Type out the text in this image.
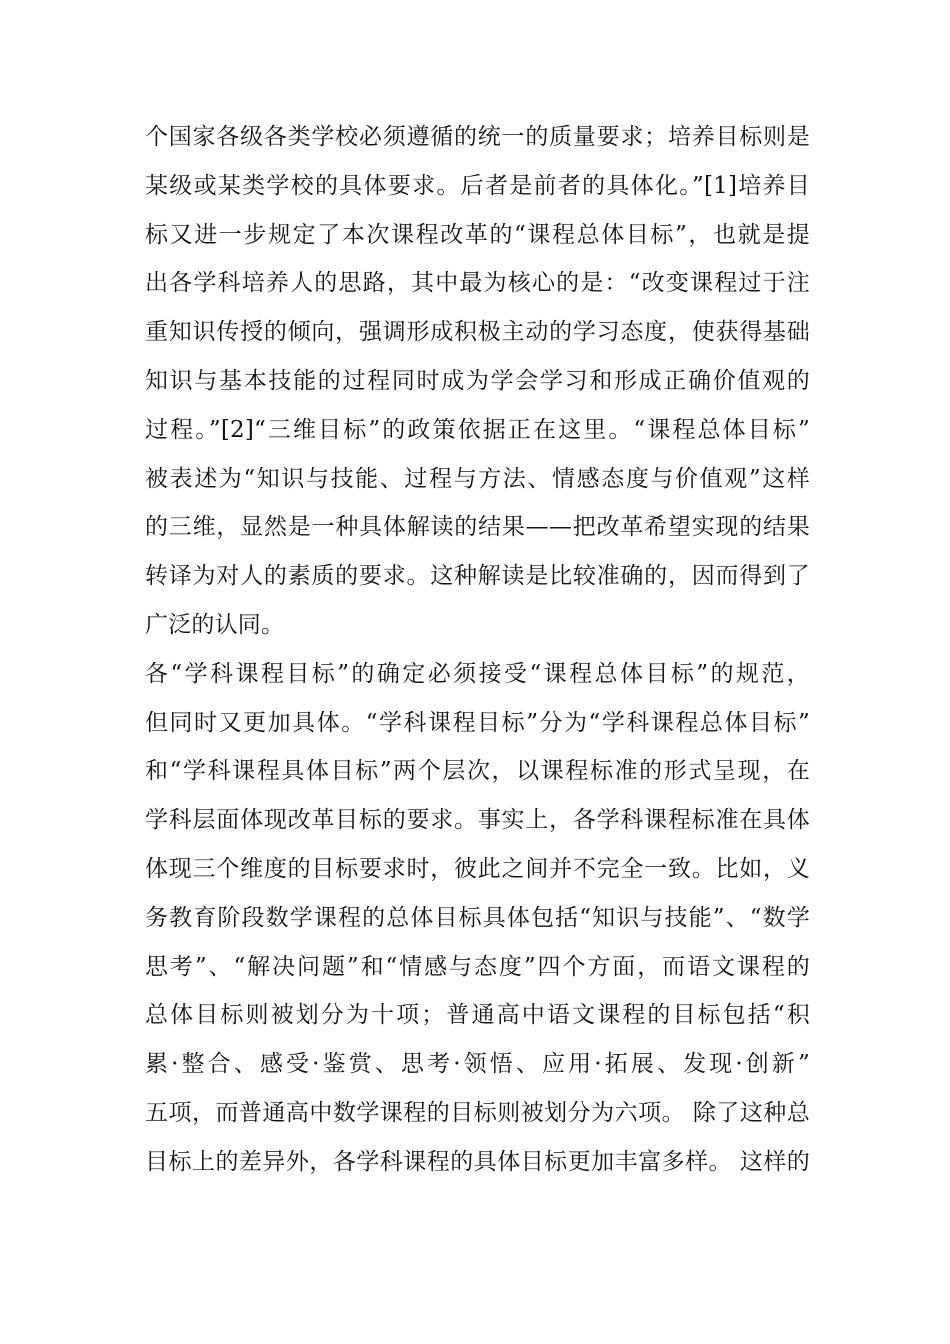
个国家各级各类学校必须遵循的统一的质量要求；培养目标则是
某级或某类学校的具体要求。后者是前者的具体化。”[1]培养目
标又进一步规定了本次课程改革的“课程总体目标”，也就是提
出各学科培养人的思路，其中最为核心的是：“改变课程过于注
重知识传授的倾向，强调形成积极主动的学习态度，使获得基础
知识与基本技能的过程同时成为学会学习和形成正确价值观的
过程。”[2]“三维目标”的政策依据正在这里。“课程总体目标”
被表述为“知识与技能、过程与方法、情感态度与价值观”这样
的三维，显然是一种具体解读的结果——把改革希望实现的结果
转译为对人的素质的要求。这种解读是比较准确的，因而得到了
广泛的认同。
各“学科课程目标”的确定必须接受“课程总体目标”的规范，
但同时又更加具体。“学科课程目标”分为“学科课程总体目标”
和“学科课程具体目标”两个层次，以课程标准的形式呈现，在
学科层面体现改革目标的要求。事实上，各学科课程标准在具体
体现三个维度的目标要求时，彼此之间并不完全一致。比如，义
务教育阶段数学课程的总体目标具体包括“知识与技能”、“数学
思考”、“解决问题”和“情感与态度”四个方面，而语文课程的
总体目标则被划分为十项；普通高中语文课程的目标包括“积
累·整合、感受·鉴赏、思考·领悟、应用·拓展、发现·创新”
五项，而普通高中数学课程的目标则被划分为六项。 除了这种总
目标上的差异外，各学科课程的具体目标更加丰富多样。 这样的
